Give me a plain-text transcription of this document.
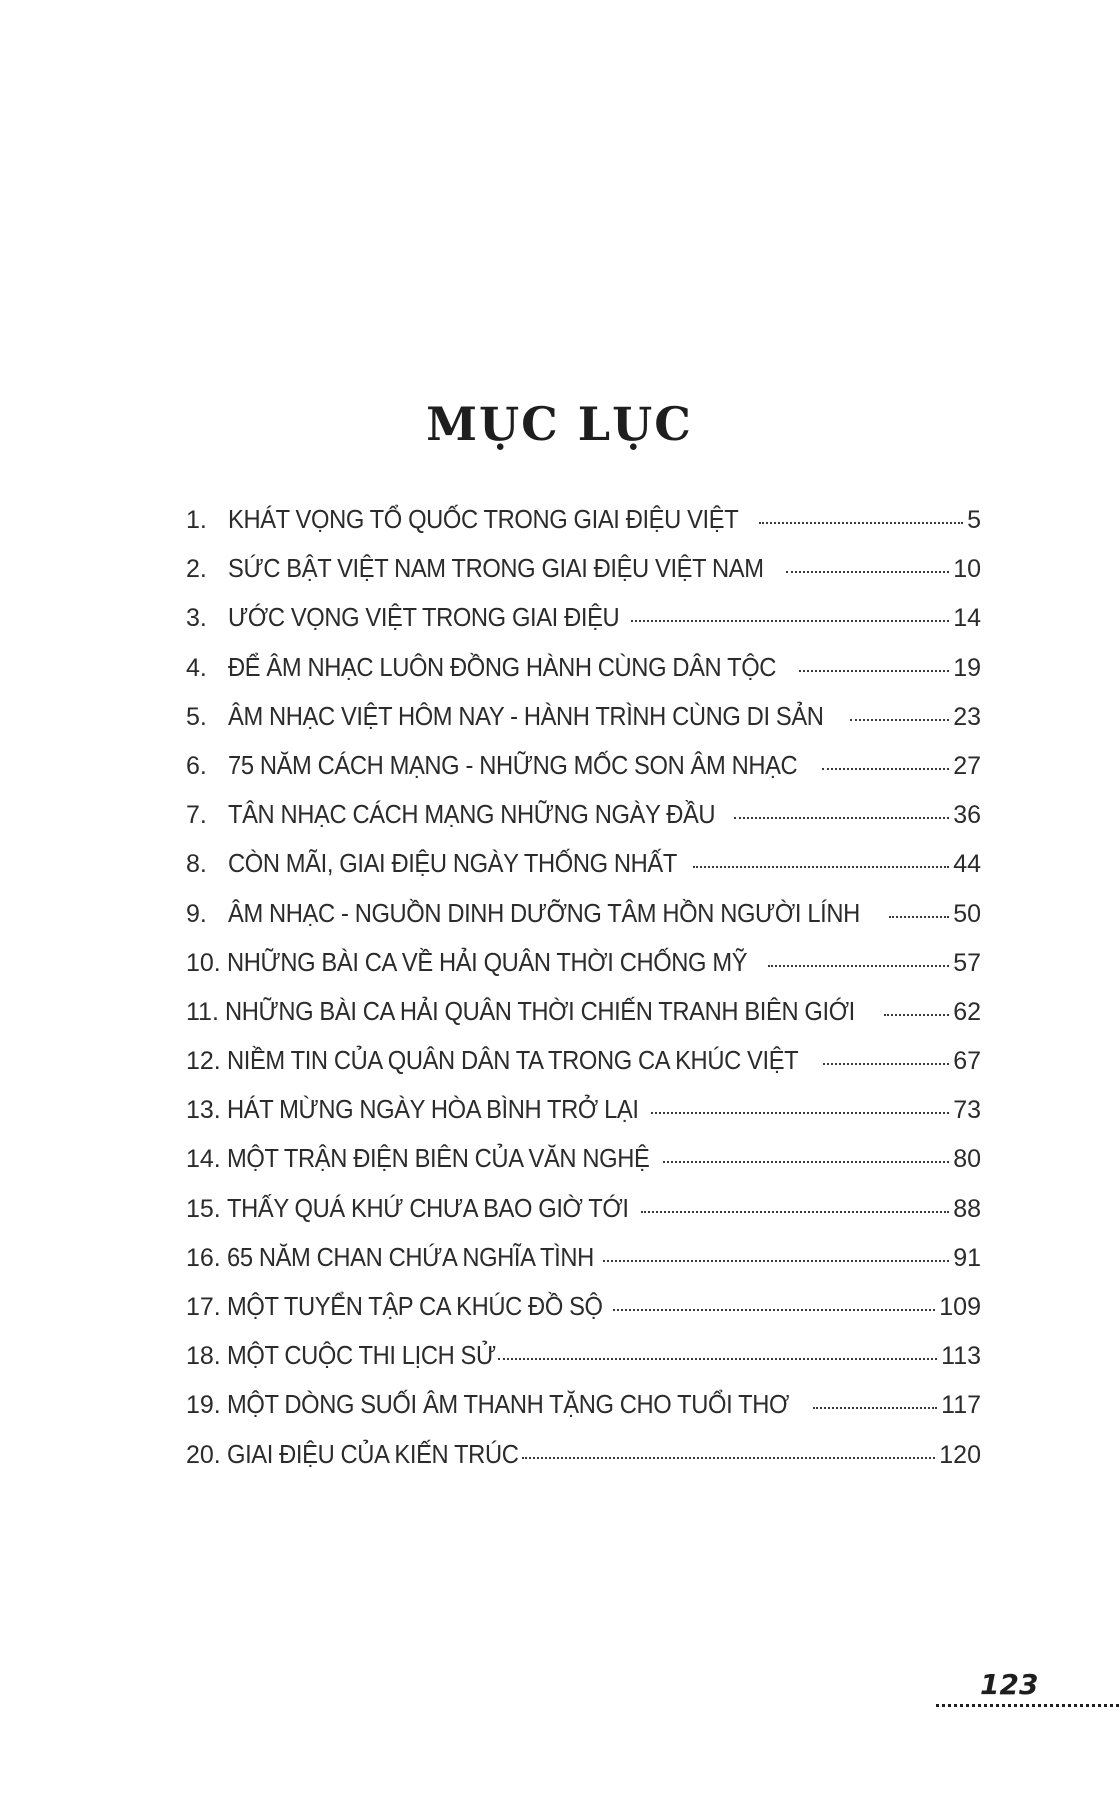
MỤC LỤC
1. KHÁT VỌNG TỔ QUỐC TRONG GIAI ĐIỆU VIỆT	5
2. SỨC BẬT VIỆT NAM TRONG GIAI ĐIỆU VIỆT NAM	10
3. ƯỚC VỌNG VIỆT TRONG GIAI ĐIỆU	14
4. ĐỂ ÂM NHẠC LUÔN ĐỒNG HÀNH CÙNG DÂN TỘC	19
5. ÂM NHẠC VIỆT HÔM NAY - HÀNH TRÌNH CÙNG DI SẢN	23
6. 75 NĂM CÁCH MẠNG - NHỮNG MỐC SON ÂM NHẠC	27
7. TÂN NHẠC CÁCH MẠNG NHỮNG NGÀY ĐẦU	36
8. CÒN MÃI, GIAI ĐIỆU NGÀY THỐNG NHẤT	44
9. ÂM NHẠC - NGUỒN DINH DƯỠNG TÂM HỒN NGƯỜI LÍNH	50
10. NHỮNG BÀI CA VỀ HẢI QUÂN THỜI CHỐNG MỸ	57
11. NHỮNG BÀI CA HẢI QUÂN THỜI CHIẾN TRANH BIÊN GIỚI	62
12. NIỀM TIN CỦA QUÂN DÂN TA TRONG CA KHÚC VIỆT	67
13. HÁT MỪNG NGÀY HÒA BÌNH TRỞ LẠI	73
14. MỘT TRẬN ĐIỆN BIÊN CỦA VĂN NGHỆ	80
15. THẤY QUÁ KHỨ CHƯA BAO GIỜ TỚI	88
16. 65 NĂM CHAN CHỨA NGHĨA TÌNH	91
17. MỘT TUYỂN TẬP CA KHÚC ĐỒ SỘ	109
18. MỘT CUỘC THI LỊCH SỬ	113
19. MỘT DÒNG SUỐI ÂM THANH TẶNG CHO TUỔI THƠ	117
20. GIAI ĐIỆU CỦA KIẾN TRÚC	120
123
